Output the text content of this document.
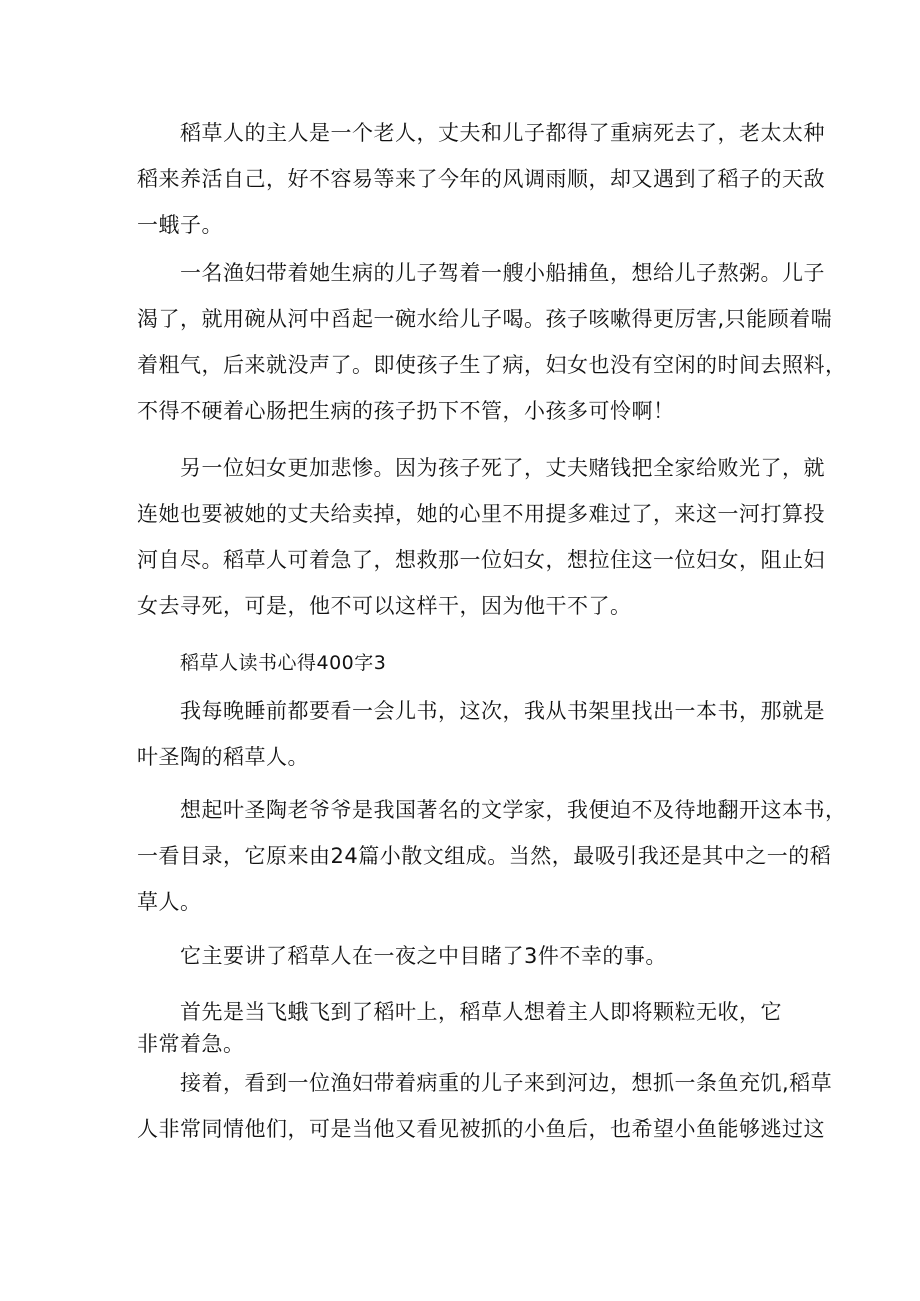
稻草人的主人是一个老人，丈夫和儿子都得了重病死去了，老太太种
稻来养活自己，好不容易等来了今年的风调雨顺，却又遇到了稻子的天敌
一蛾子。
一名渔妇带着她生病的儿子驾着一艘小船捕鱼，想给儿子熬粥。儿子
渴了，就用碗从河中舀起一碗水给儿子喝。孩子咳嗽得更厉害,只能顾着喘
着粗气，后来就没声了。即使孩子生了病，妇女也没有空闲的时间去照料，
不得不硬着心肠把生病的孩子扔下不管，小孩多可怜啊！
另一位妇女更加悲惨。因为孩子死了，丈夫赌钱把全家给败光了，就
连她也要被她的丈夫给卖掉，她的心里不用提多难过了，来这一河打算投
河自尽。稻草人可着急了，想救那一位妇女，想拉住这一位妇女，阻止妇
女去寻死，可是，他不可以这样干，因为他干不了。
稻草人读书心得400字3
我每晚睡前都要看一会儿书，这次，我从书架里找出一本书，那就是
叶圣陶的稻草人。
想起叶圣陶老爷爷是我国著名的文学家，我便迫不及待地翻开这本书，
一看目录，它原来由24篇小散文组成。当然，最吸引我还是其中之一的稻
草人。
它主要讲了稻草人在一夜之中目睹了3件不幸的事。
首先是当飞蛾飞到了稻叶上，稻草人想着主人即将颗粒无收，它
非常着急。
接着，看到一位渔妇带着病重的儿子来到河边，想抓一条鱼充饥,稻草
人非常同情他们，可是当他又看见被抓的小鱼后，也希望小鱼能够逃过这
